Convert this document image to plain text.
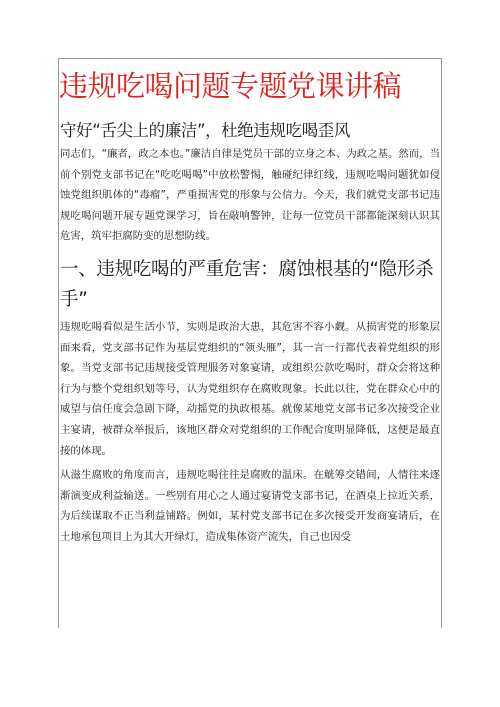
违规吃喝问题专题党课讲稿
守好“舌尖上的廉洁”，杜绝违规吃喝歪风

同志们，“廉者，政之本也。”廉洁自律是党员干部的立身之本、为政之基。然而，当前个别党支部书记在“吃吃喝喝”中放松警惕，触碰纪律红线，违规吃喝问题犹如侵蚀党组织肌体的“毒瘤”，严重损害党的形象与公信力。今天，我们就党支部书记违规吃喝问题开展专题党课学习，旨在敲响警钟，让每一位党员干部都能深刻认识其危害，筑牢拒腐防变的思想防线。

一、违规吃喝的严重危害：腐蚀根基的“隐形杀手”

违规吃喝看似是生活小节，实则是政治大患，其危害不容小觑。从损害党的形象层面来看，党支部书记作为基层党组织的“领头雁”，其一言一行都代表着党组织的形象。当党支部书记违规接受管理服务对象宴请，或组织公款吃喝时，群众会将这种行为与整个党组织划等号，认为党组织存在腐败现象。长此以往，党在群众心中的威望与信任度会急剧下降，动摇党的执政根基。就像某地党支部书记多次接受企业主宴请，被群众举报后，该地区群众对党组织的工作配合度明显降低，这便是最直接的体现。

从滋生腐败的角度而言，违规吃喝往往是腐败的温床。在觥筹交错间，人情往来逐渐演变成利益输送。一些别有用心之人通过宴请党支部书记，在酒桌上拉近关系，为后续谋取不正当利益铺路。例如，某村党支部书记在多次接受开发商宴请后，在土地承包项目上为其大开绿灯，造成集体资产流失，自己也因受
